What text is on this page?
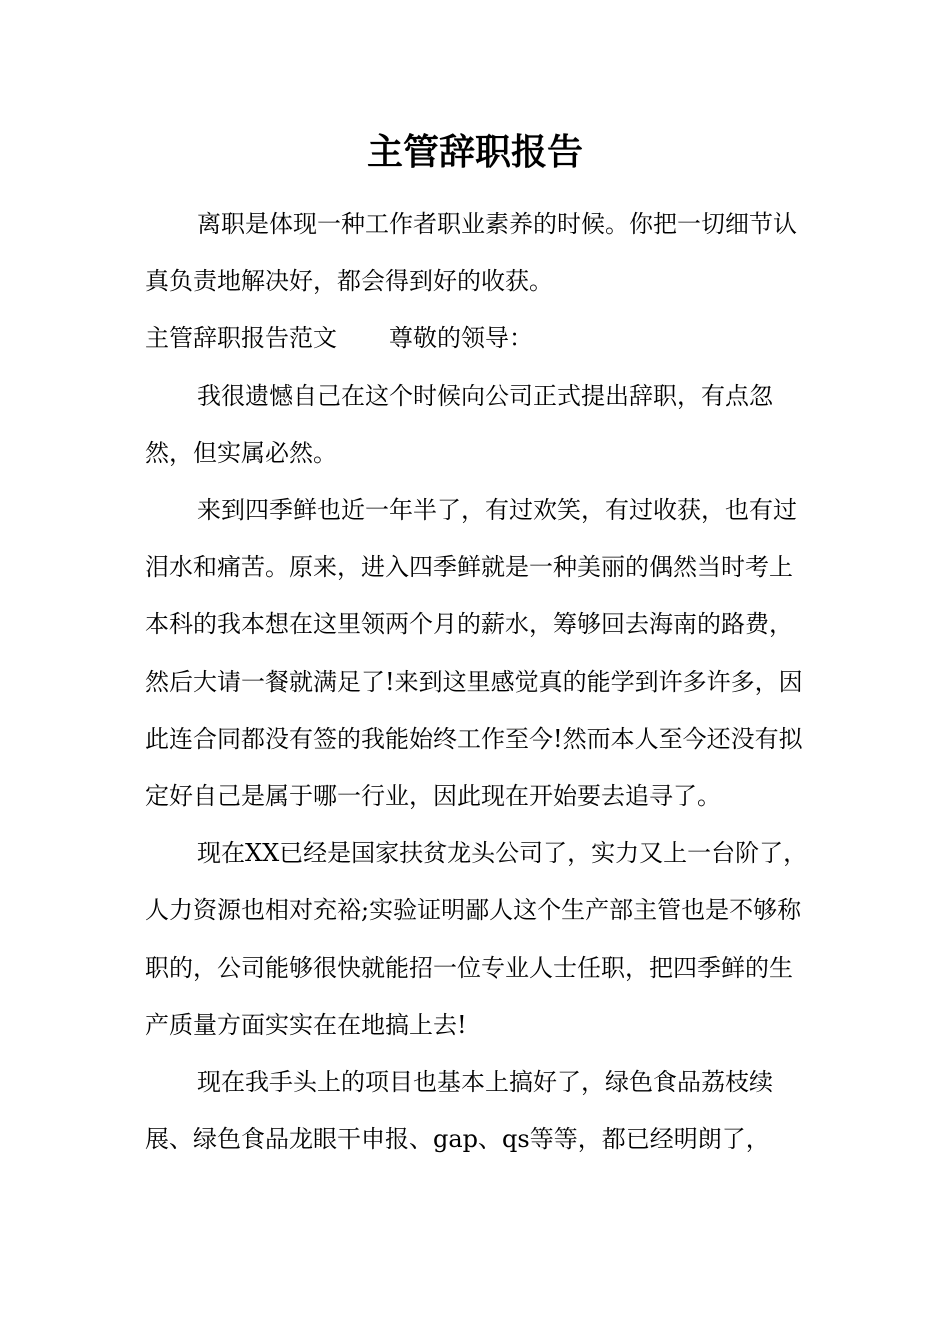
主管辞职报告

离职是体现一种工作者职业素养的时候。你把一切细节认真负责地解决好，都会得到好的收获。

主管辞职报告范文 尊敬的领导：

我很遗憾自己在这个时候向公司正式提出辞职，有点忽然，但实属必然。

来到四季鲜也近一年半了，有过欢笑，有过收获，也有过泪水和痛苦。原来，进入四季鲜就是一种美丽的偶然当时考上本科的我本想在这里领两个月的薪水，筹够回去海南的路费，然后大请一餐就满足了!来到这里感觉真的能学到许多许多，因此连合同都没有签的我能始终工作至今!然而本人至今还没有拟定好自己是属于哪一行业，因此现在开始要去追寻了。

现在XX已经是国家扶贫龙头公司了，实力又上一台阶了，人力资源也相对充裕;实验证明鄙人这个生产部主管也是不够称职的，公司能够很快就能招一位专业人士任职，把四季鲜的生产质量方面实实在在地搞上去!

现在我手头上的项目也基本上搞好了，绿色食品荔枝续展、绿色食品龙眼干申报、gap、qs等等，都已经明朗了，
